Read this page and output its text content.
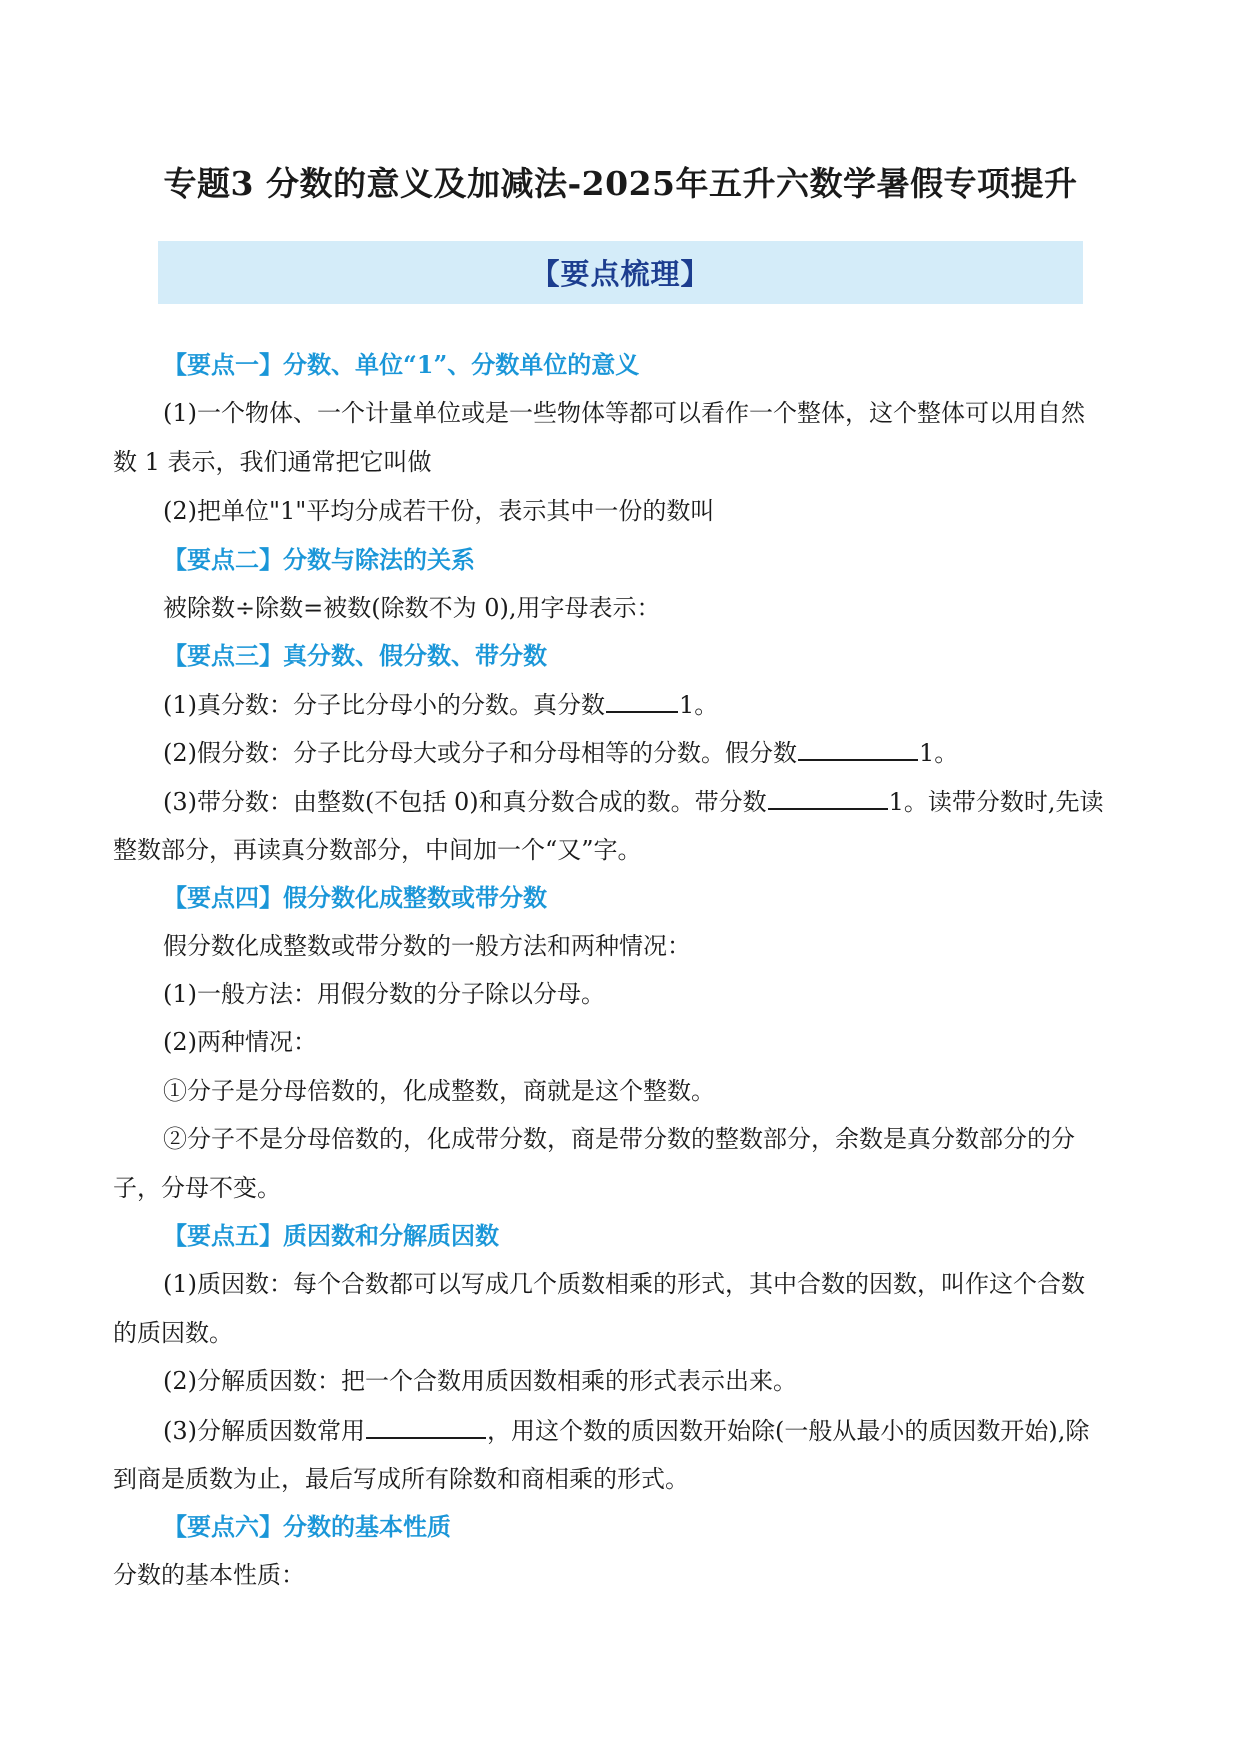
专题3 分数的意义及加减法-2025年五升六数学暑假专项提升
【要点梳理】
【要点一】分数、单位“1”、分数单位的意义
(1)一个物体、一个计量单位或是一些物体等都可以看作一个整体，这个整体可以用自然
数 1 表示，我们通常把它叫做
(2)把单位"1"平均分成若干份，表示其中一份的数叫
【要点二】分数与除法的关系
被除数÷除数=被数(除数不为 0),用字母表示：
【要点三】真分数、假分数、带分数
(1)真分数：分子比分母小的分数。真分数	1。
(2)假分数：分子比分母大或分子和分母相等的分数。假分数	1。
(3)带分数：由整数(不包括 0)和真分数合成的数。带分数	1。读带分数时,先读
整数部分，再读真分数部分，中间加一个“又”字。
【要点四】假分数化成整数或带分数
假分数化成整数或带分数的一般方法和两种情况：
(1)一般方法：用假分数的分子除以分母。
(2)两种情况：
①分子是分母倍数的，化成整数，商就是这个整数。
②分子不是分母倍数的，化成带分数，商是带分数的整数部分，余数是真分数部分的分
子，分母不变。
【要点五】质因数和分解质因数
(1)质因数：每个合数都可以写成几个质数相乘的形式，其中合数的因数，叫作这个合数
的质因数。
(2)分解质因数：把一个合数用质因数相乘的形式表示出来。
(3)分解质因数常用	，用这个数的质因数开始除(一般从最小的质因数开始),除
到商是质数为止，最后写成所有除数和商相乘的形式。
【要点六】分数的基本性质
分数的基本性质：
